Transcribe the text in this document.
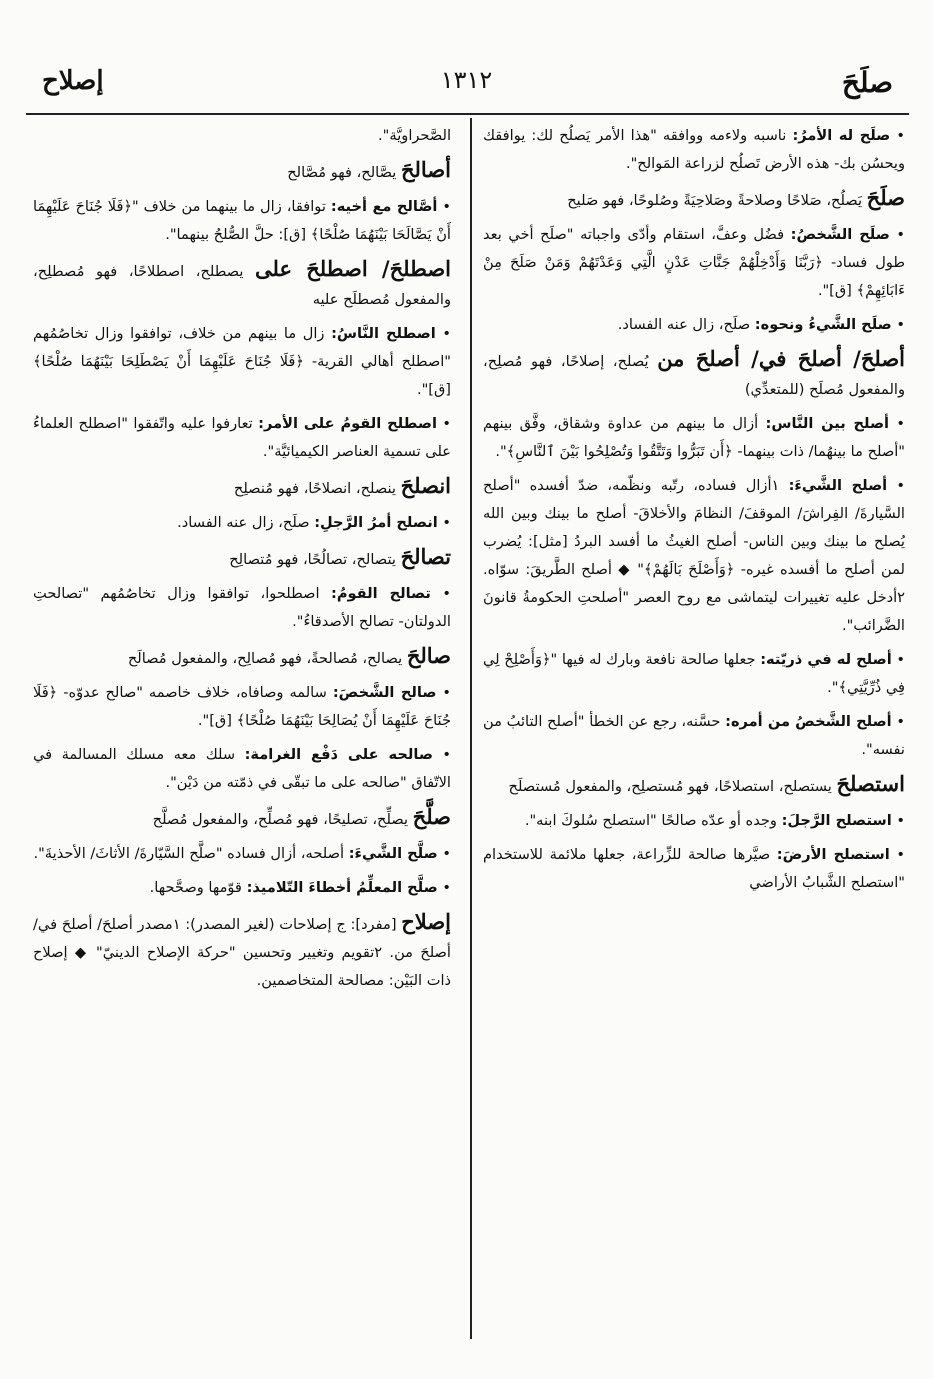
صلَحَ
١٣١٢
إصلاح

• صلَح له الأمرُ: ناسبه ولاءمه ووافقه "هذا الأمر يَصلُح لك: يوافقك ويحسُن بك- هذه الأرض تَصلُح لزراعة المَوالح".

صلَحَ يَصلُح، صَلاحًا وصلاحةً وصَلاحِيَةً وصُلوحًا، فهو صَليح

• صلَح الشَّخصُ: فضُل وعفَّ، استقام وأدّى واجباته "صلَح أخي بعد طول فساد- ﴿رَبَّنَا وَأَدْخِلْهُمْ جَنَّاتِ عَدْنٍ الَّتِي وَعَدْتَهُمْ وَمَنْ صَلَحَ مِنْ ءَابَائِهِمْ﴾ [ق]".

• صلَح الشَّيءُ ونحوه: صلَح، زال عنه الفساد.

أصلحَ/ أصلحَ في/ أصلحَ من يُصلح، إصلاحًا، فهو مُصلِح، والمفعول مُصلَح (للمتعدِّي)

• أصلح بين النَّاس: أزال ما بينهم من عداوة وشقاق، وفَّق بينهم "أصلح ما بينهُما/ ذات بينهما- ﴿أَن تَبَرُّوا وَتَتَّقُوا وَتُصْلِحُوا بَيْنَ ٱلنَّاسِ﴾".

• أصلح الشَّيءَ: ١أزال فساده، رتّبه ونظّمه، ضدّ أفسده "أصلح السَّيارةَ/ الفِراشَ/ الموقفَ/ النظامَ والأخلاقَ- أصلح ما بينك وبين الله يُصلح ما بينك وبين الناس- أصلح الغيثُ ما أفسد البردُ [مثل]: يُضرب لمن أصلح ما أفسده غيره- ﴿وَأَصْلَحَ بَالَهُمْ﴾" ◆ أصلح الطَّريقَ: سوّاه. ٢أدخل عليه تغييرات ليتماشى مع روح العصر "أصلحتِ الحكومةُ قانونَ الضَّرائب".

• أصلح له في ذريّته: جعلها صالحة نافعة وبارك له فيها "﴿وَأَصْلِحْ لِي فِي ذُرِّيَّتِي﴾".

• أصلح الشَّخصُ من أمره: حسَّنه، رجع عن الخطأ "أصلح التائبُ من نفسه".

استصلحَ يستصلح، استصلاحًا، فهو مُستصلِح، والمفعول مُستصلَح

• استصلح الرَّجلَ: وجده أو عدّه صالحًا "استصلح سُلوكَ ابنه".

• استصلح الأرضَ: صيَّرها صالحة للزِّراعة، جعلها ملائمة للاستخدام "استصلح الشَّبابُ الأراضي

الصَّحراويَّة".

أصالحَ يصَّالح، فهو مُصَّالح

• أصَّالح مع أخيه: توافقا، زال ما بينهما من خلاف "﴿فَلَا جُنَاحَ عَلَيْهِمَا أَنْ يَصَّالَحَا بَيْنَهُمَا صُلْحًا﴾ [ق]: حلَّ الصُّلحُ بينهما".

اصطلحَ/ اصطلحَ على يصطلح، اصطلاحًا، فهو مُصطلِح، والمفعول مُصطلَح عليه

• اصطلح النَّاسُ: زال ما بينهم من خلاف، توافقوا وزال تخاصُمُهم "اصطلح أهالي القرية- ﴿فَلَا جُنَاحَ عَلَيْهِمَا أَنْ يَصْطَلِحَا بَيْنَهُمَا صُلْحًا﴾ [ق]".

• اصطلح القومُ على الأمر: تعارفوا عليه واتّفقوا "اصطلح العلماءُ على تسمية العناصر الكيميائيَّة".

انصلحَ ينصلح، انصلاحًا، فهو مُنصلِح

• انصلح أمرُ الرَّجلِ: صلَح، زال عنه الفساد.

تصالحَ يتصالح، تصالُحًا، فهو مُتصالِح

• تصالح القومُ: اصطلحوا، توافقوا وزال تخاصُمُهم "تصالحتِ الدولتان- تصالح الأصدقاءُ".

صالحَ يصالح، مُصالحةً، فهو مُصالِح، والمفعول مُصالَح

• صالح الشَّخصَ: سالمه وصافاه، خلاف خاصمه "صالح عدوّه- ﴿فَلَا جُنَاحَ عَلَيْهِمَا أَنْ يُصَالِحَا بَيْنَهُمَا صُلْحًا﴾ [ق]".

• صالحه على دَفْع الغرامة: سلك معه مسلك المسالمة في الاتّفاق "صالحه على ما تبقّى في ذمّته من دَيْن".

صلَّحَ يصلِّح، تصليحًا، فهو مُصلِّح، والمفعول مُصلَّح

• صلَّح الشَّيءَ: أصلحه، أزال فساده "صلَّح السَّيّارةَ/ الأثاثَ/ الأحذيةَ".

• صلَّح المعلِّمُ أخطاءَ التّلاميذ: قوّمها وصحَّحها.

إصلاح [مفرد]: ج إصلاحات (لغير المصدر): ١مصدر أصلحَ/ أصلحَ في/ أصلحَ من. ٢تقويم وتغيير وتحسين "حركة الإصلاح الدينيّ" ◆ إصلاح ذات البَيْن: مصالحة المتخاصمين.
